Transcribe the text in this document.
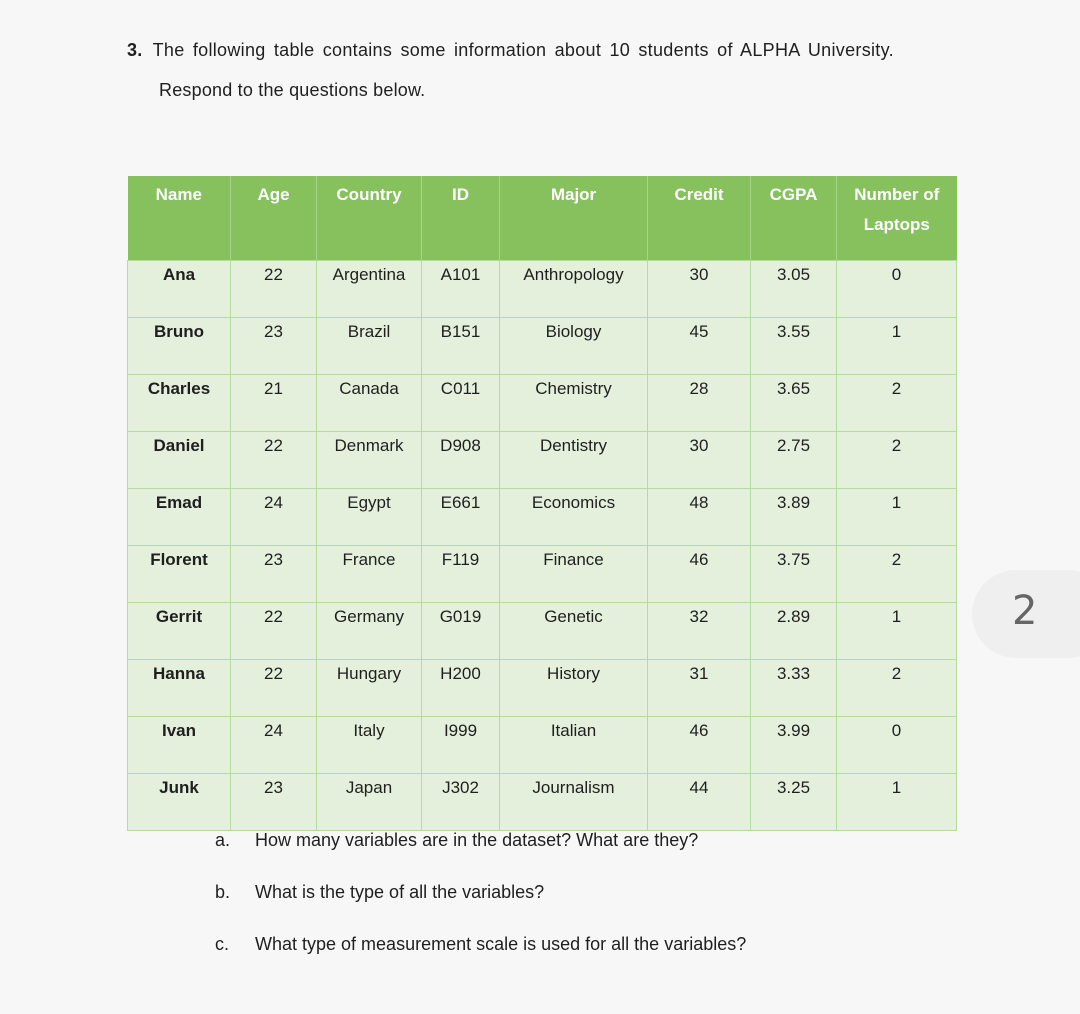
3. The following table contains some information about 10 students of ALPHA University.
Respond to the questions below.
Name	Age	Country	ID	Major	Credit	CGPA	Number of Laptops
Ana	22	Argentina	A101	Anthropology	30	3.05	0
Bruno	23	Brazil	B151	Biology	45	3.55	1
Charles	21	Canada	C011	Chemistry	28	3.65	2
Daniel	22	Denmark	D908	Dentistry	30	2.75	2
Emad	24	Egypt	E661	Economics	48	3.89	1
Florent	23	France	F119	Finance	46	3.75	2
Gerrit	22	Germany	G019	Genetic	32	2.89	1
Hanna	22	Hungary	H200	History	31	3.33	2
Ivan	24	Italy	I999	Italian	46	3.99	0
Junk	23	Japan	J302	Journalism	44	3.25	1
a.	How many variables are in the dataset? What are they?
b.	What is the type of all the variables?
c.	What type of measurement scale is used for all the variables?
2
